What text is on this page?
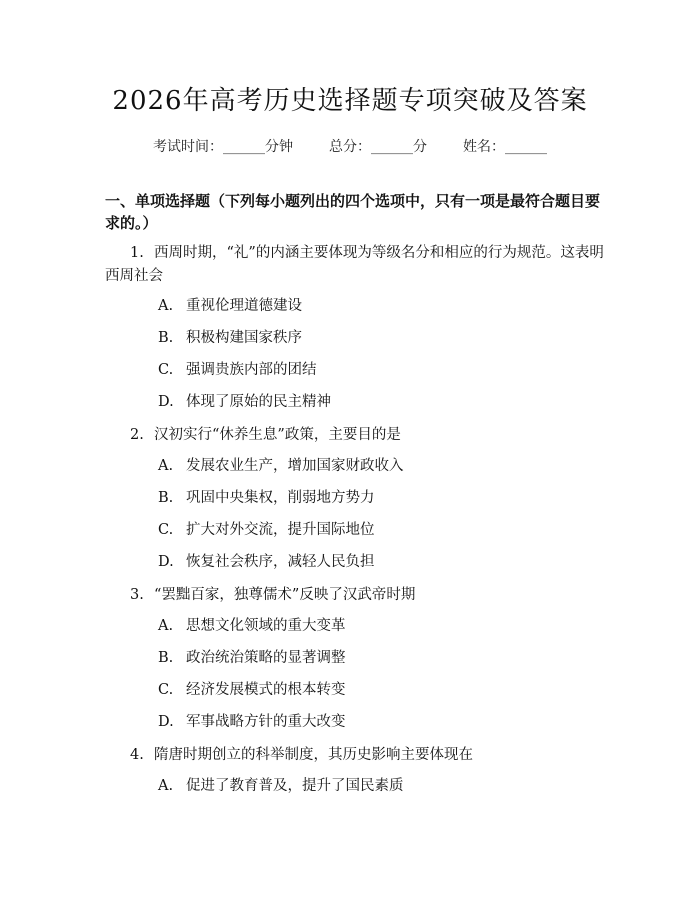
2026年高考历史选择题专项突破及答案
考试时间：______分钟	总分：______分	姓名：______
一、单项选择题（下列每小题列出的四个选项中，只有一项是最符合题目要求的。）
1. 西周时期，“礼”的内涵主要体现为等级名分和相应的行为规范。这表明西周社会
A. 重视伦理道德建设
B. 积极构建国家秩序
C. 强调贵族内部的团结
D. 体现了原始的民主精神
2. 汉初实行“休养生息”政策，主要目的是
A. 发展农业生产，增加国家财政收入
B. 巩固中央集权，削弱地方势力
C. 扩大对外交流，提升国际地位
D. 恢复社会秩序，减轻人民负担
3. “罢黜百家，独尊儒术”反映了汉武帝时期
A. 思想文化领域的重大变革
B. 政治统治策略的显著调整
C. 经济发展模式的根本转变
D. 军事战略方针的重大改变
4. 隋唐时期创立的科举制度，其历史影响主要体现在
A. 促进了教育普及，提升了国民素质
